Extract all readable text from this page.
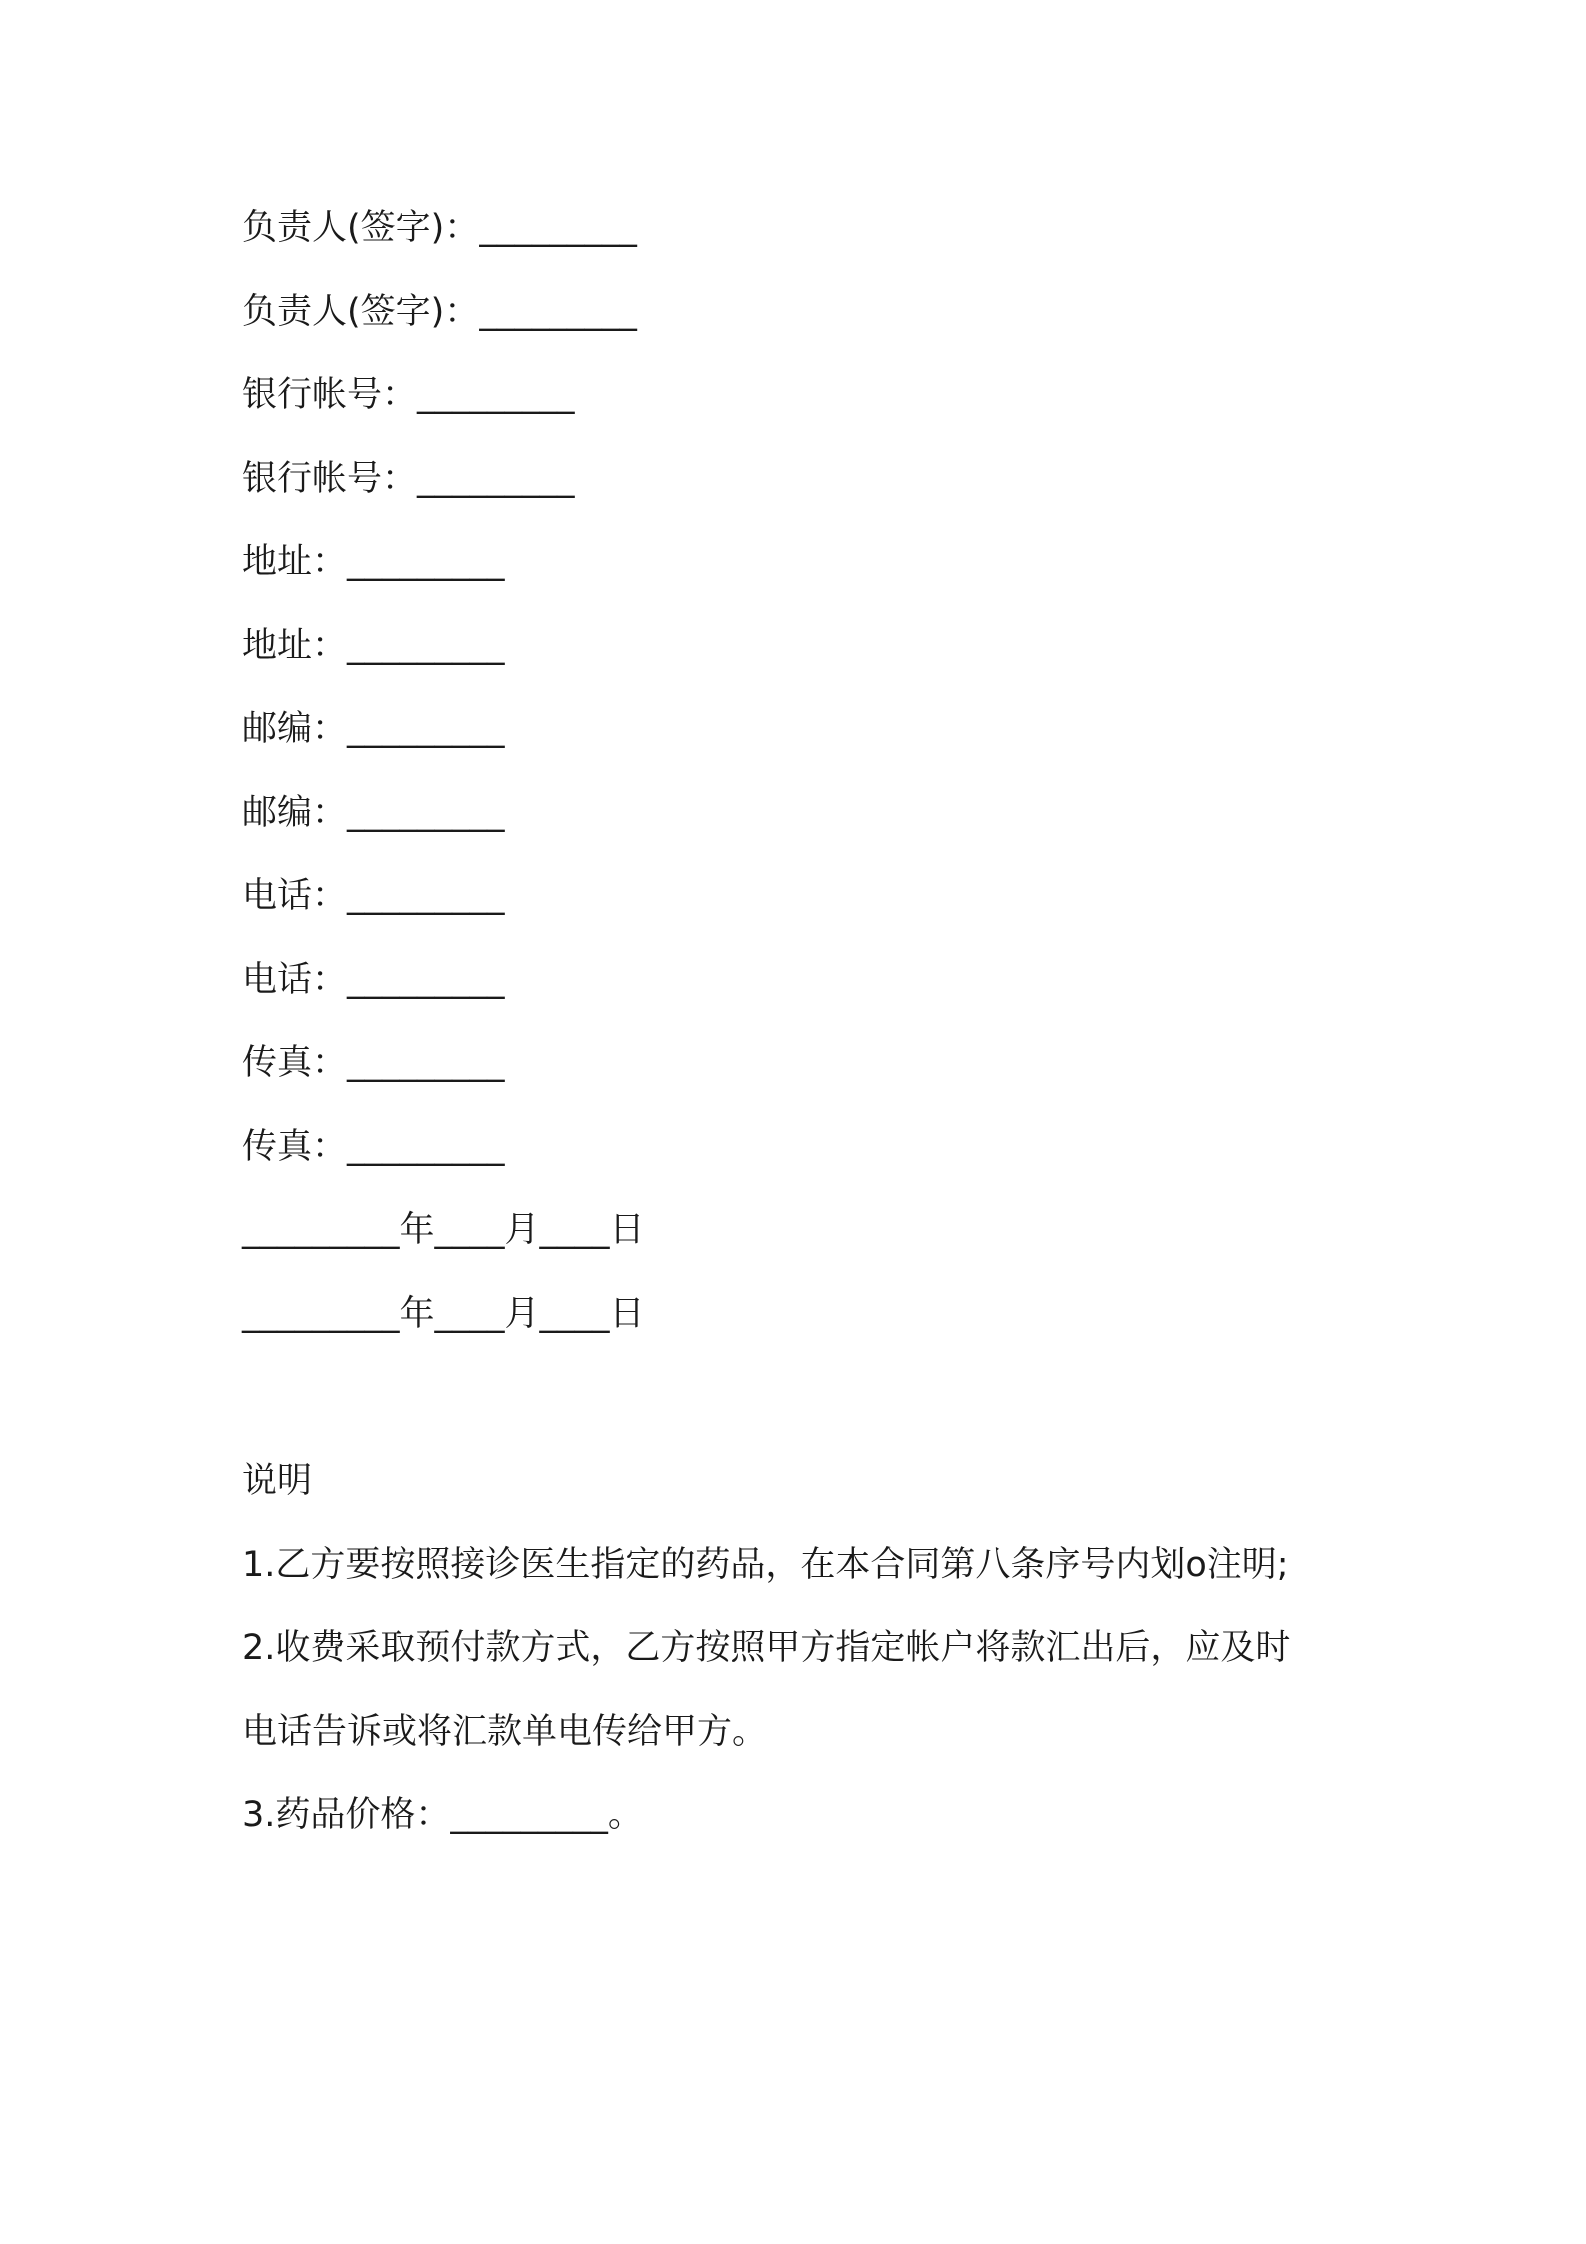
负责人(签字)：_________
负责人(签字)：_________
银行帐号：_________
银行帐号：_________
地址：_________
地址：_________
邮编：_________
邮编：_________
电话：_________
电话：_________
传真：_________
传真：_________
_________年____月____日
_________年____月____日
说明
1.乙方要按照接诊医生指定的药品，在本合同第八条序号内划o注明;
2.收费采取预付款方式，乙方按照甲方指定帐户将款汇出后，应及时
电话告诉或将汇款单电传给甲方。
3.药品价格：_________。
